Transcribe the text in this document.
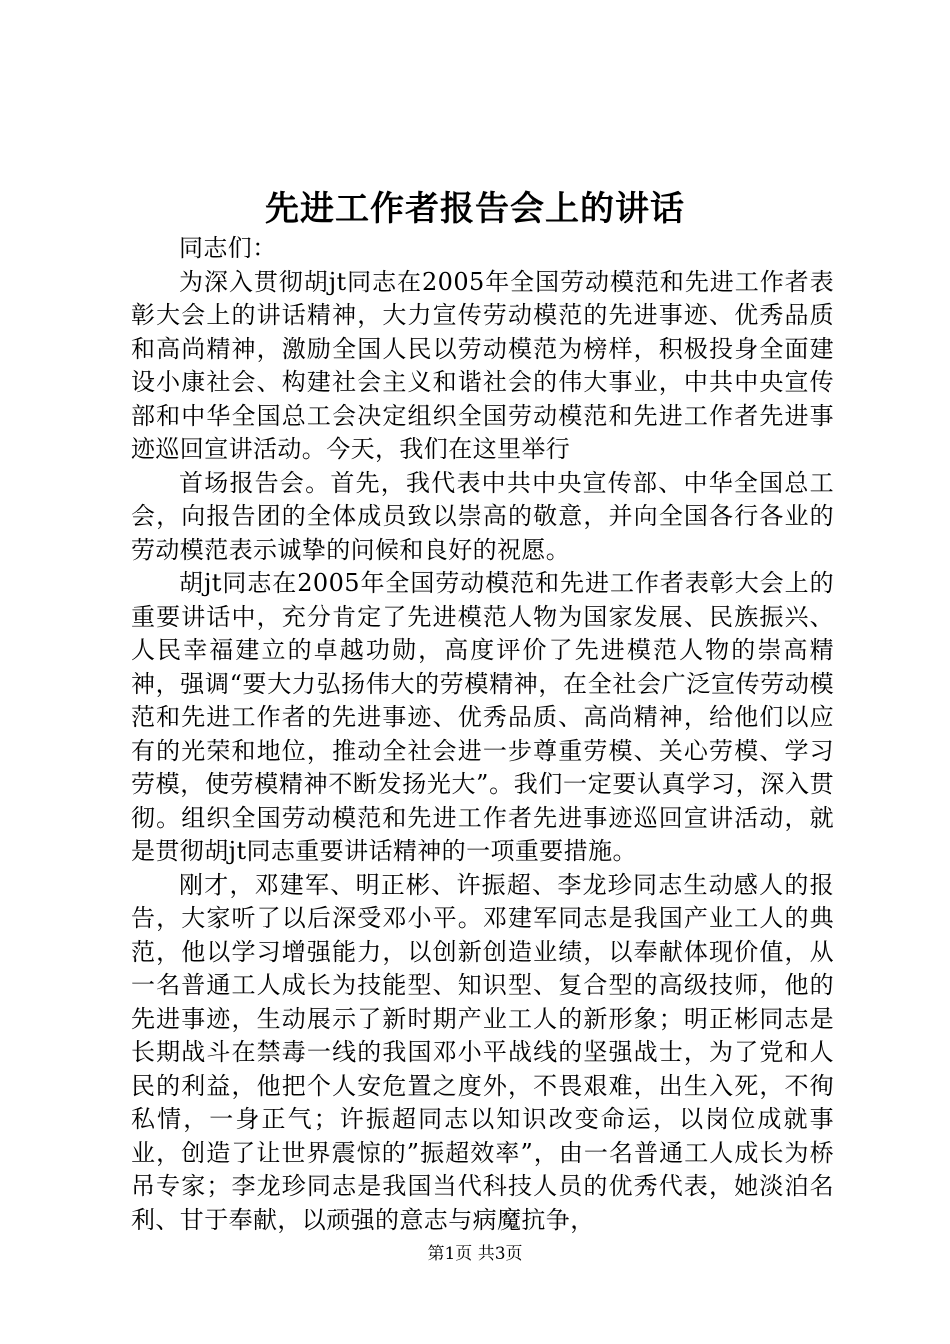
先进工作者报告会上的讲话

同志们：

为深入贯彻胡jt同志在2005年全国劳动模范和先进工作者表彰大会上的讲话精神，大力宣传劳动模范的先进事迹、优秀品质和高尚精神，激励全国人民以劳动模范为榜样，积极投身全面建设小康社会、构建社会主义和谐社会的伟大事业，中共中央宣传部和中华全国总工会决定组织全国劳动模范和先进工作者先进事迹巡回宣讲活动。今天，我们在这里举行

首场报告会。首先，我代表中共中央宣传部、中华全国总工会，向报告团的全体成员致以崇高的敬意，并向全国各行各业的劳动模范表示诚挚的问候和良好的祝愿。

胡jt同志在2005年全国劳动模范和先进工作者表彰大会上的重要讲话中，充分肯定了先进模范人物为国家发展、民族振兴、人民幸福建立的卓越功勋，高度评价了先进模范人物的崇高精神，强调“要大力弘扬伟大的劳模精神，在全社会广泛宣传劳动模范和先进工作者的先进事迹、优秀品质、高尚精神，给他们以应有的光荣和地位，推动全社会进一步尊重劳模、关心劳模、学习劳模，使劳模精神不断发扬光大”。我们一定要认真学习，深入贯彻。组织全国劳动模范和先进工作者先进事迹巡回宣讲活动，就是贯彻胡jt同志重要讲话精神的一项重要措施。

刚才，邓建军、明正彬、许振超、李龙珍同志生动感人的报告，大家听了以后深受邓小平。邓建军同志是我国产业工人的典范，他以学习增强能力，以创新创造业绩，以奉献体现价值，从一名普通工人成长为技能型、知识型、复合型的高级技师，他的先进事迹，生动展示了新时期产业工人的新形象；明正彬同志是长期战斗在禁毒一线的我国邓小平战线的坚强战士，为了党和人民的利益，他把个人安危置之度外，不畏艰难，出生入死，不徇私情，一身正气；许振超同志以知识改变命运，以岗位成就事业，创造了让世界震惊的”振超效率”，由一名普通工人成长为桥吊专家；李龙珍同志是我国当代科技人员的优秀代表，她淡泊名利、甘于奉献，以顽强的意志与病魔抗争，

第1页 共3页
